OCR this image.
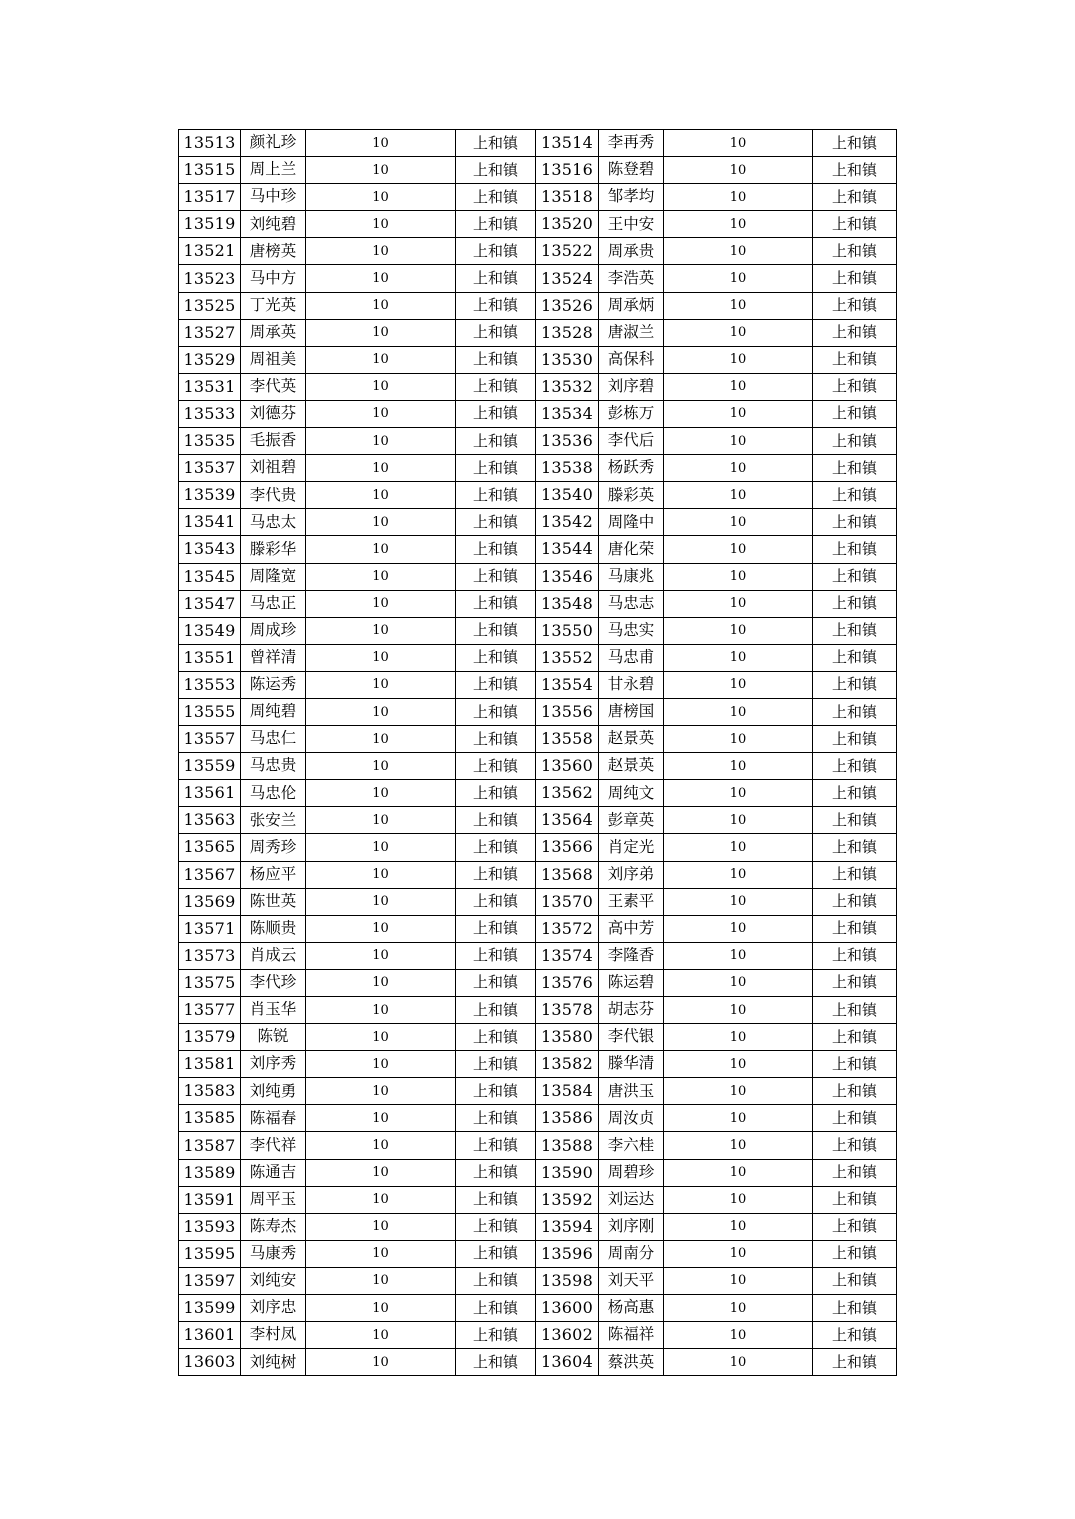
13513	颜礼珍	10	上和镇	13514	李再秀	10	上和镇
13515	周上兰	10	上和镇	13516	陈登碧	10	上和镇
13517	马中珍	10	上和镇	13518	邹孝均	10	上和镇
13519	刘纯碧	10	上和镇	13520	王中安	10	上和镇
13521	唐榜英	10	上和镇	13522	周承贵	10	上和镇
13523	马中方	10	上和镇	13524	李浩英	10	上和镇
13525	丁光英	10	上和镇	13526	周承炳	10	上和镇
13527	周承英	10	上和镇	13528	唐淑兰	10	上和镇
13529	周祖美	10	上和镇	13530	高保科	10	上和镇
13531	李代英	10	上和镇	13532	刘序碧	10	上和镇
13533	刘德芬	10	上和镇	13534	彭栋万	10	上和镇
13535	毛振香	10	上和镇	13536	李代后	10	上和镇
13537	刘祖碧	10	上和镇	13538	杨跃秀	10	上和镇
13539	李代贵	10	上和镇	13540	滕彩英	10	上和镇
13541	马忠太	10	上和镇	13542	周隆中	10	上和镇
13543	滕彩华	10	上和镇	13544	唐化荣	10	上和镇
13545	周隆宽	10	上和镇	13546	马康兆	10	上和镇
13547	马忠正	10	上和镇	13548	马忠志	10	上和镇
13549	周成珍	10	上和镇	13550	马忠实	10	上和镇
13551	曾祥清	10	上和镇	13552	马忠甫	10	上和镇
13553	陈运秀	10	上和镇	13554	甘永碧	10	上和镇
13555	周纯碧	10	上和镇	13556	唐榜国	10	上和镇
13557	马忠仁	10	上和镇	13558	赵景英	10	上和镇
13559	马忠贵	10	上和镇	13560	赵景英	10	上和镇
13561	马忠伦	10	上和镇	13562	周纯文	10	上和镇
13563	张安兰	10	上和镇	13564	彭章英	10	上和镇
13565	周秀珍	10	上和镇	13566	肖定光	10	上和镇
13567	杨应平	10	上和镇	13568	刘序弟	10	上和镇
13569	陈世英	10	上和镇	13570	王素平	10	上和镇
13571	陈顺贵	10	上和镇	13572	高中芳	10	上和镇
13573	肖成云	10	上和镇	13574	李隆香	10	上和镇
13575	李代珍	10	上和镇	13576	陈运碧	10	上和镇
13577	肖玉华	10	上和镇	13578	胡志芬	10	上和镇
13579	陈锐	10	上和镇	13580	李代银	10	上和镇
13581	刘序秀	10	上和镇	13582	滕华清	10	上和镇
13583	刘纯勇	10	上和镇	13584	唐洪玉	10	上和镇
13585	陈福春	10	上和镇	13586	周汝贞	10	上和镇
13587	李代祥	10	上和镇	13588	李六桂	10	上和镇
13589	陈通吉	10	上和镇	13590	周碧珍	10	上和镇
13591	周平玉	10	上和镇	13592	刘运达	10	上和镇
13593	陈寿杰	10	上和镇	13594	刘序刚	10	上和镇
13595	马康秀	10	上和镇	13596	周南分	10	上和镇
13597	刘纯安	10	上和镇	13598	刘天平	10	上和镇
13599	刘序忠	10	上和镇	13600	杨高惠	10	上和镇
13601	李村凤	10	上和镇	13602	陈福祥	10	上和镇
13603	刘纯树	10	上和镇	13604	蔡洪英	10	上和镇
